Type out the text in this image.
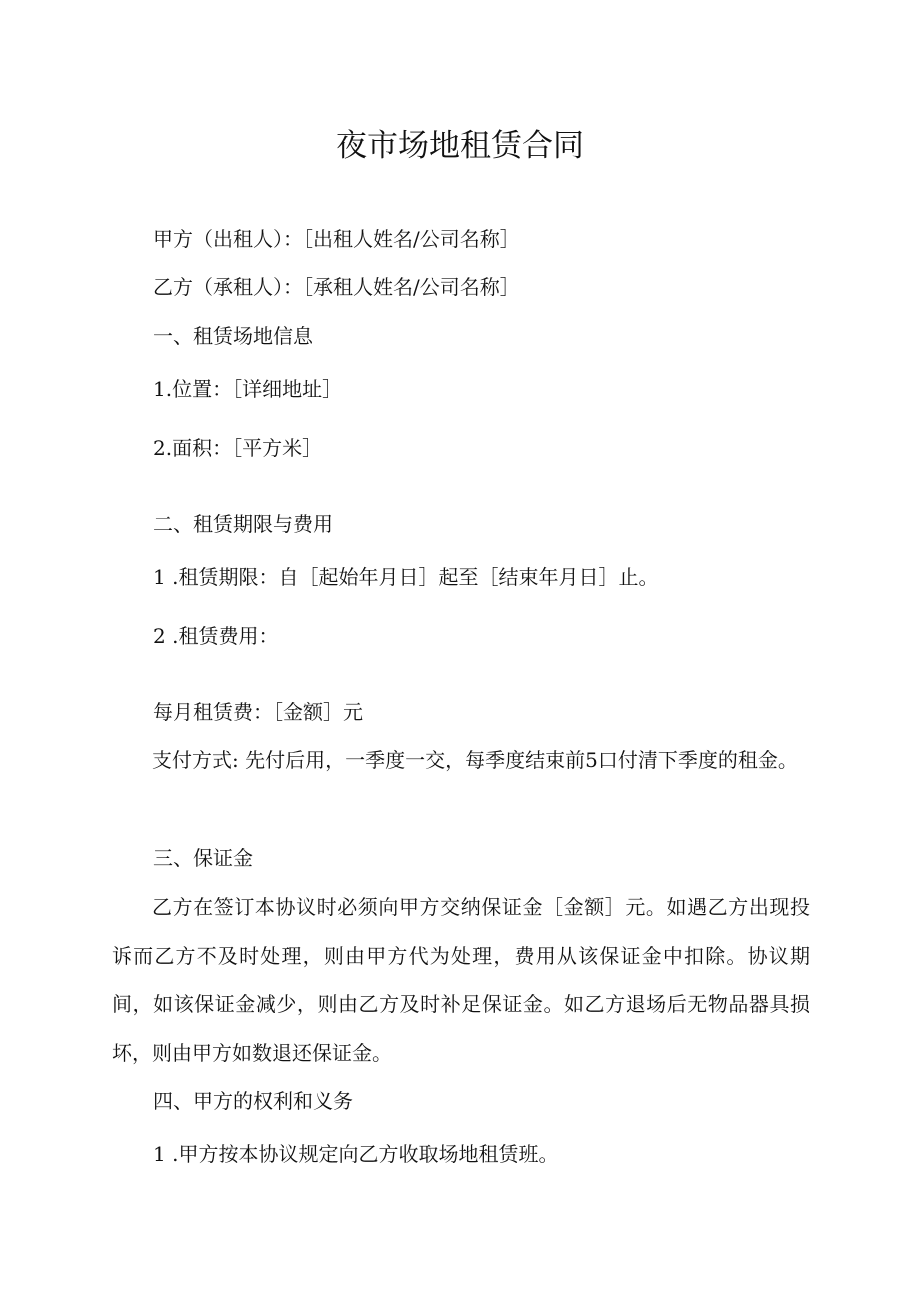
夜市场地租赁合同
甲方（出租人）：［出租人姓名/公司名称］
乙方（承租人）：［承租人姓名/公司名称］
一、租赁场地信息
1.位置：［详细地址］
2.面积：［平方米］
二、租赁期限与费用
1 .租赁期限：自［起始年月日］起至［结束年月日］止。
2 .租赁费用：
每月租赁费：［金额］元
支付方式: 先付后用，一季度一交，每季度结束前5口付清下季度的租金。
三、保证金
乙方在签订本协议时必须向甲方交纳保证金［金额］元。如遇乙方出现投诉而乙方不及时处理，则由甲方代为处理，费用从该保证金中扣除。协议期间，如该保证金减少，则由乙方及时补足保证金。如乙方退场后无物品器具损坏，则由甲方如数退还保证金。
四、甲方的权利和义务
1 .甲方按本协议规定向乙方收取场地租赁班。
